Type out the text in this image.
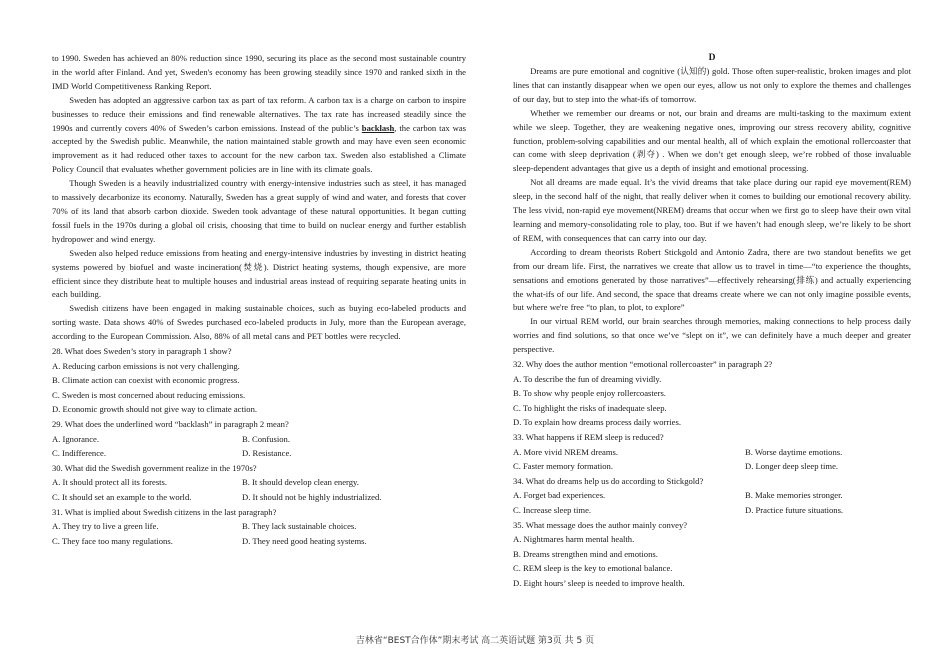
to 1990. Sweden has achieved an 80% reduction since 1990, securing its place as the second most sustainable country in the world after Finland. And yet, Sweden's economy has been growing steadily since 1970 and ranked sixth in the IMD World Competitiveness Ranking Report.

Sweden has adopted an aggressive carbon tax as part of tax reform. A carbon tax is a charge on carbon to inspire businesses to reduce their emissions and find renewable alternatives. The tax rate has increased steadily since the 1990s and currently covers 40% of Sweden’s carbon emissions. Instead of the public’s backlash, the carbon tax was accepted by the Swedish public. Meanwhile, the nation maintained stable growth and may have even seen economic improvement as it had reduced other taxes to account for the new carbon tax. Sweden also established a Climate Policy Council that evaluates whether government policies are in line with its climate goals.

Though Sweden is a heavily industrialized country with energy-intensive industries such as steel, it has managed to massively decarbonize its economy. Naturally, Sweden has a great supply of wind and water, and forests that cover 70% of its land that absorb carbon dioxide. Sweden took advantage of these natural opportunities. It began cutting fossil fuels in the 1970s during a global oil crisis, choosing that time to build on nuclear energy and further establish hydropower and wind energy.

Sweden also helped reduce emissions from heating and energy-intensive industries by investing in district heating systems powered by biofuel and waste incineration(焚烧). District heating systems, though expensive, are more efficient since they distribute heat to multiple houses and industrial areas instead of requiring separate heating units in each building.

Swedish citizens have been engaged in making sustainable choices, such as buying eco-labeled products and sorting waste. Data shows 40% of Swedes purchased eco-labeled products in July, more than the European average, according to the European Commission. Also, 88% of all metal cans and PET bottles were recycled.

28. What does Sweden’s story in paragraph 1 show?

A. Reducing carbon emissions is not very challenging.

B. Climate action can coexist with economic progress.

C. Sweden is most concerned about reducing emissions.

D. Economic growth should not give way to climate action.

29. What does the underlined word “backlash” in paragraph 2 mean?

A. Ignorance.	B. Confusion.
C. Indifference.	D. Resistance.

30. What did the Swedish government realize in the 1970s?

A. It should protect all its forests.	B. It should develop clean energy.
C. It should set an example to the world.	D. It should not be highly industrialized.

31. What is implied about Swedish citizens in the last paragraph?

A. They try to live a green life.	B. They lack sustainable choices.
C. They face too many regulations.	D. They need good heating systems.

D

Dreams are pure emotional and cognitive (认知的) gold. Those often super-realistic, broken images and plot lines that can instantly disappear when we open our eyes, allow us not only to explore the themes and challenges of our day, but to step into the what-ifs of tomorrow.

Whether we remember our dreams or not, our brain and dreams are multi-tasking to the maximum extent while we sleep. Together, they are weakening negative ones, improving our stress recovery ability, cognitive function, problem-solving capabilities and our mental health, all of which explain the emotional rollercoaster that can come with sleep deprivation (剥夺) . When we don’t get enough sleep, we’re robbed of those invaluable sleep-dependent advantages that give us a depth of insight and emotional processing.

Not all dreams are made equal. It’s the vivid dreams that take place during our rapid eye movement(REM) sleep, in the second half of the night, that really deliver when it comes to building our emotional recovery ability. The less vivid, non-rapid eye movement(NREM) dreams that occur when we first go to sleep have their own vital learning and memory-consolidating role to play, too. But if we haven’t had enough sleep, we’re likely to be short of REM, with consequences that can carry into our day.

According to dream theorists Robert Stickgold and Antonio Zadra, there are two standout benefits we get from our dream life. First, the narratives we create that allow us to travel in time—“to experience the thoughts, sensations and emotions generated by those narratives”—effectively rehearsing(排练) and actually experiencing the what-ifs of our life. And second, the space that dreams create where we can not only imagine possible events, but where we're free “to plan, to plot, to explore”

In our virtual REM world, our brain searches through memories, making connections to help process daily worries and find solutions, so that once we’ve “slept on it”, we can definitely have a much deeper and greater perspective.

32. Why does the author mention “emotional rollercoaster” in paragraph 2?

A. To describe the fun of dreaming vividly.

B. To show why people enjoy rollercoasters.

C. To highlight the risks of inadequate sleep.

D. To explain how dreams process daily worries.

33. What happens if REM sleep is reduced?

A. More vivid NREM dreams.	B. Worse daytime emotions.
C. Faster memory formation.	D. Longer deep sleep time.

34. What do dreams help us do according to Stickgold?

A. Forget bad experiences.	B. Make memories stronger.
C. Increase sleep time.	D. Practice future situations.

35. What message does the author mainly convey?

A. Nightmares harm mental health.

B. Dreams strengthen mind and emotions.

C. REM sleep is the key to emotional balance.

D. Eight hours’ sleep is needed to improve health.

吉林省“BEST合作体”期末考试 高二英语试题 第3页 共 5 页
